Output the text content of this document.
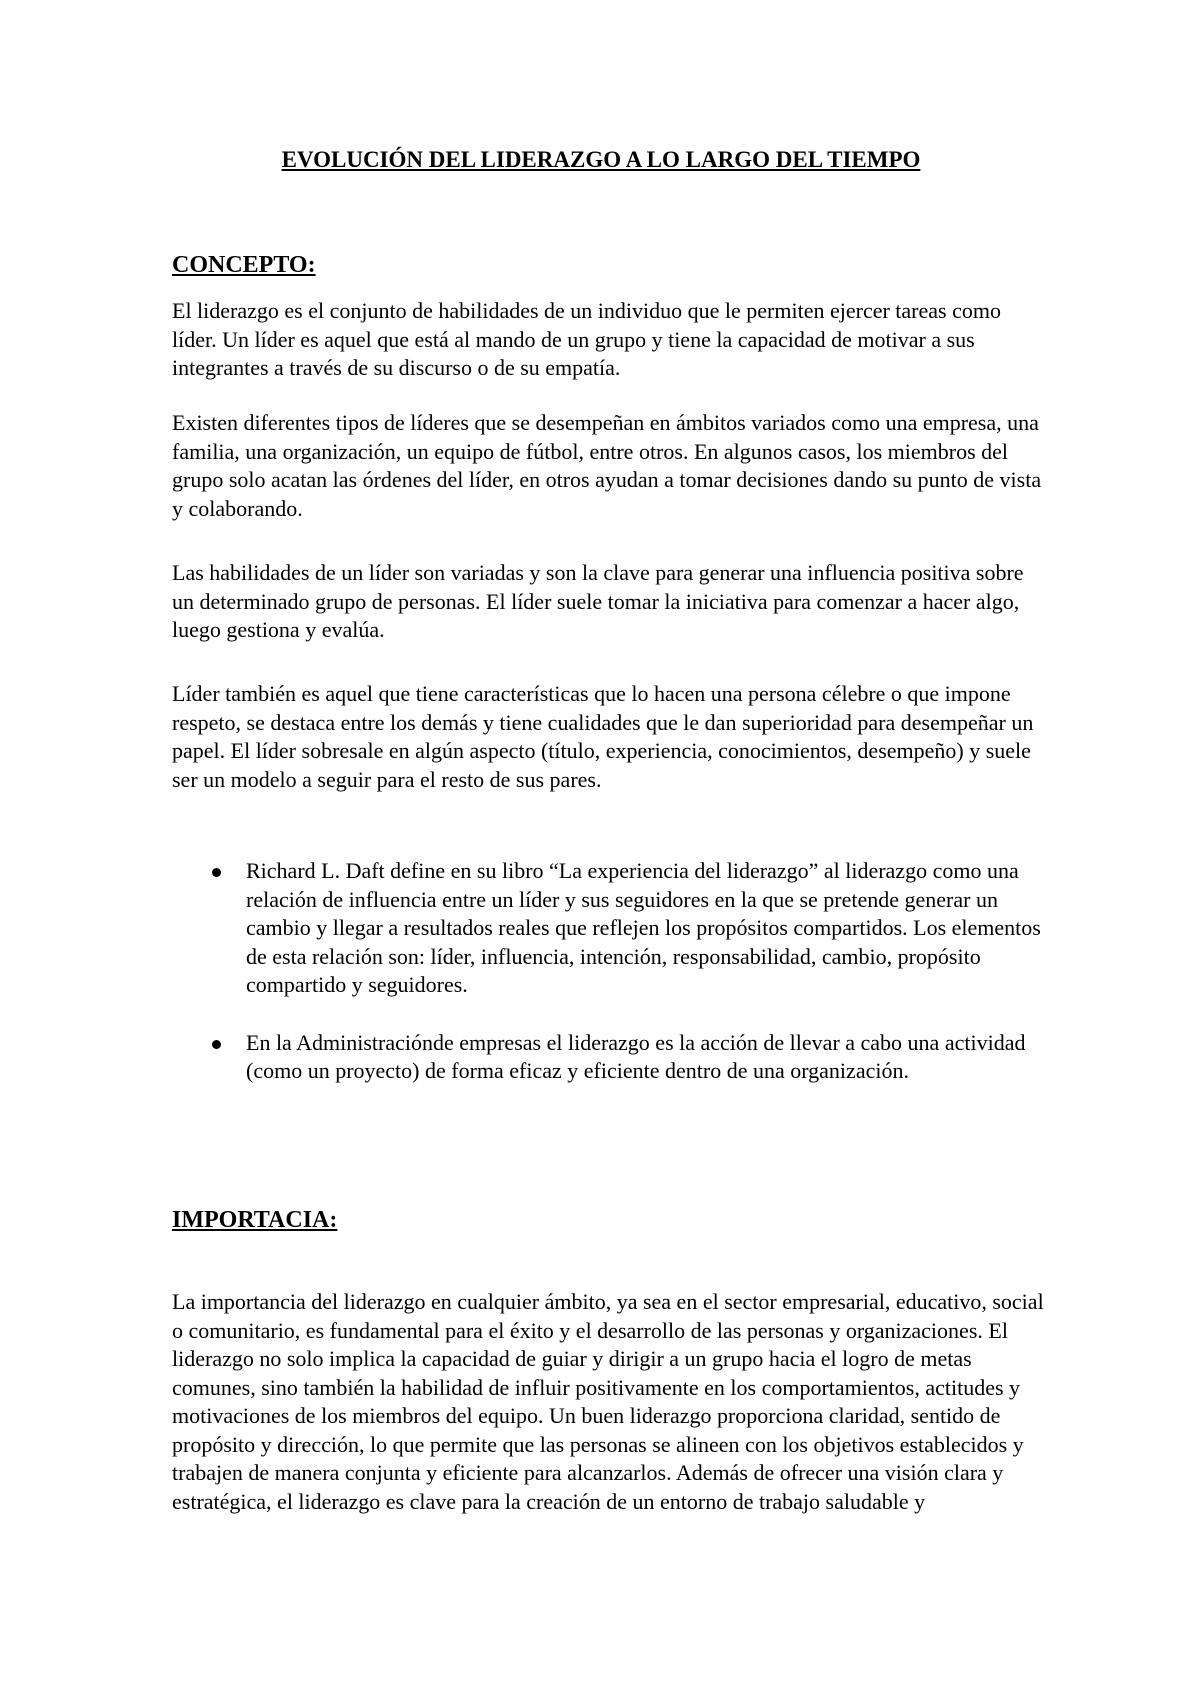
EVOLUCIÓN DEL LIDERAZGO A LO LARGO DEL TIEMPO
CONCEPTO:

El liderazgo es el conjunto de habilidades de un individuo que le permiten ejercer tareas como líder. Un líder es aquel que está al mando de un grupo y tiene la capacidad de motivar a sus integrantes a través de su discurso o de su empatía.

Existen diferentes tipos de líderes que se desempeñan en ámbitos variados como una empresa, una familia, una organización, un equipo de fútbol, entre otros. En algunos casos, los miembros del grupo solo acatan las órdenes del líder, en otros ayudan a tomar decisiones dando su punto de vista y colaborando.

Las habilidades de un líder son variadas y son la clave para generar una influencia positiva sobre un determinado grupo de personas. El líder suele tomar la iniciativa para comenzar a hacer algo, luego gestiona y evalúa.

Líder también es aquel que tiene características que lo hacen una persona célebre o que impone respeto, se destaca entre los demás y tiene cualidades que le dan superioridad para desempeñar un papel. El líder sobresale en algún aspecto (título, experiencia, conocimientos, desempeño) y suele ser un modelo a seguir para el resto de sus pares.

Richard L. Daft define en su libro “La experiencia del liderazgo” al liderazgo como una relación de influencia entre un líder y sus seguidores en la que se pretende generar un cambio y llegar a resultados reales que reflejen los propósitos compartidos. Los elementos de esta relación son: líder, influencia, intención, responsabilidad, cambio, propósito compartido y seguidores.
En la Administraciónde empresas el liderazgo es la acción de llevar a cabo una actividad (como un proyecto) de forma eficaz y eficiente dentro de una organización.
IMPORTACIA:

La importancia del liderazgo en cualquier ámbito, ya sea en el sector empresarial, educativo, social o comunitario, es fundamental para el éxito y el desarrollo de las personas y organizaciones. El liderazgo no solo implica la capacidad de guiar y dirigir a un grupo hacia el logro de metas comunes, sino también la habilidad de influir positivamente en los comportamientos, actitudes y motivaciones de los miembros del equipo. Un buen liderazgo proporciona claridad, sentido de propósito y dirección, lo que permite que las personas se alineen con los objetivos establecidos y trabajen de manera conjunta y eficiente para alcanzarlos. Además de ofrecer una visión clara y estratégica, el liderazgo es clave para la creación de un entorno de trabajo saludable y
